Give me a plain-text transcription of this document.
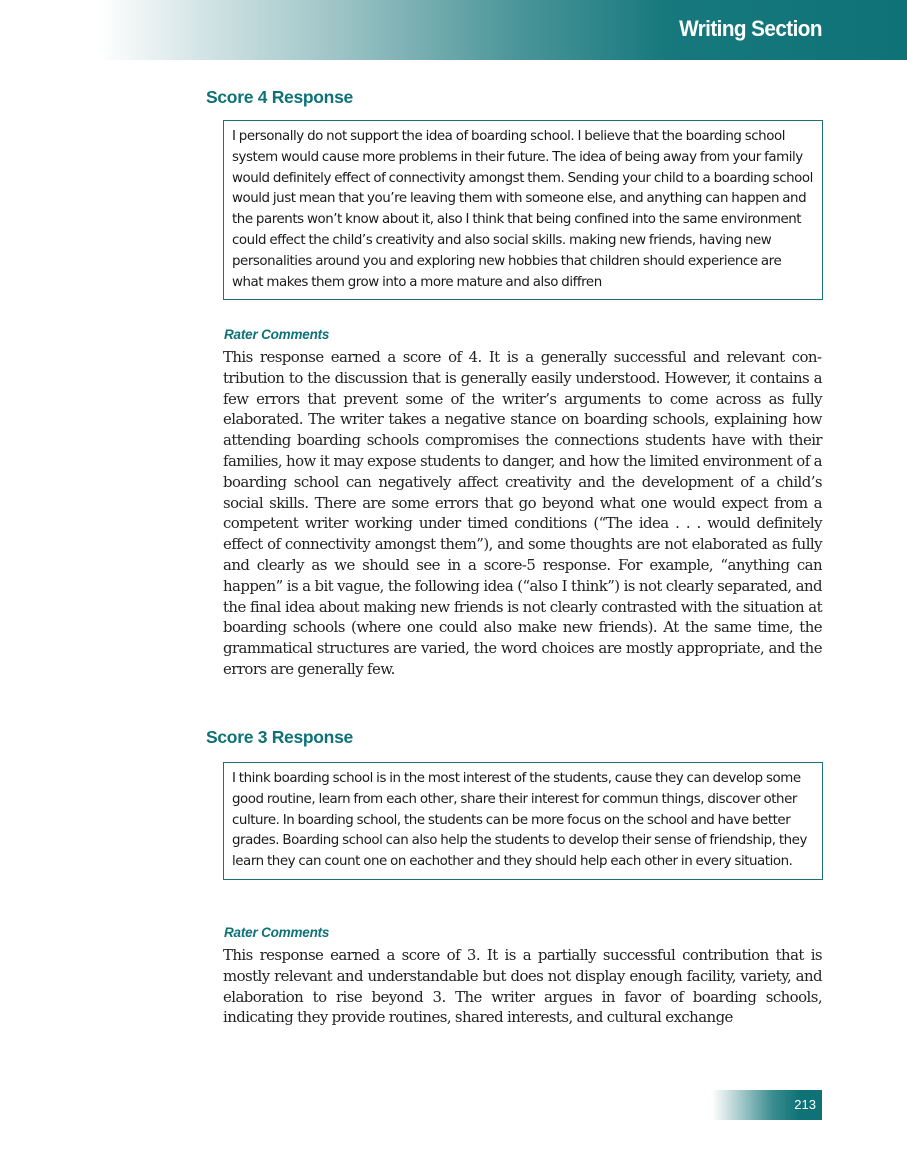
Writing Section
Score 4 Response

I personally do not support the idea of boarding school. I believe that the boarding school system would cause more problems in their future. The idea of being away from your family would definitely effect of connectivity amongst them. Sending your child to a boarding school would just mean that you’re leaving them with someone else, and anything can happen and the parents won’t know about it, also I think that being confined into the same environment could effect the child’s creativity and also social skills. making new friends, having new personalities around you and exploring new hobbies that children should experience are what makes them grow into a more mature and also diffren

Rater Comments

This response earned a score of 4. It is a generally successful and relevant contribution to the discussion that is generally easily understood. However, it contains a few errors that prevent some of the writer’s arguments to come across as fully elaborated. The writer takes a negative stance on boarding schools, explaining how attending boarding schools compromises the connections students have with their families, how it may expose students to danger, and how the limited environment of a boarding school can negatively affect creativity and the development of a child’s social skills. There are some errors that go beyond what one would expect from a competent writer working under timed conditions (“The idea . . . would definitely effect of connectivity amongst them”), and some thoughts are not elaborated as fully and clearly as we should see in a score-5 response. For example, “anything can happen” is a bit vague, the following idea (“also I think”) is not clearly separated, and the final idea about making new friends is not clearly contrasted with the situation at boarding schools (where one could also make new friends). At the same time, the grammatical structures are varied, the word choices are mostly appropriate, and the errors are generally few.

Score 3 Response

I think boarding school is in the most interest of the students, cause they can develop some good routine, learn from each other, share their interest for commun things, discover other culture. In boarding school, the students can be more focus on the school and have better grades. Boarding school can also help the students to develop their sense of friendship, they learn they can count one on eachother and they should help each other in every situation.

Rater Comments

This response earned a score of 3. It is a partially successful contribution that is mostly relevant and understandable but does not display enough facility, variety, and elaboration to rise beyond 3. The writer argues in favor of boarding schools, indicating they provide routines, shared interests, and cultural exchange

213
